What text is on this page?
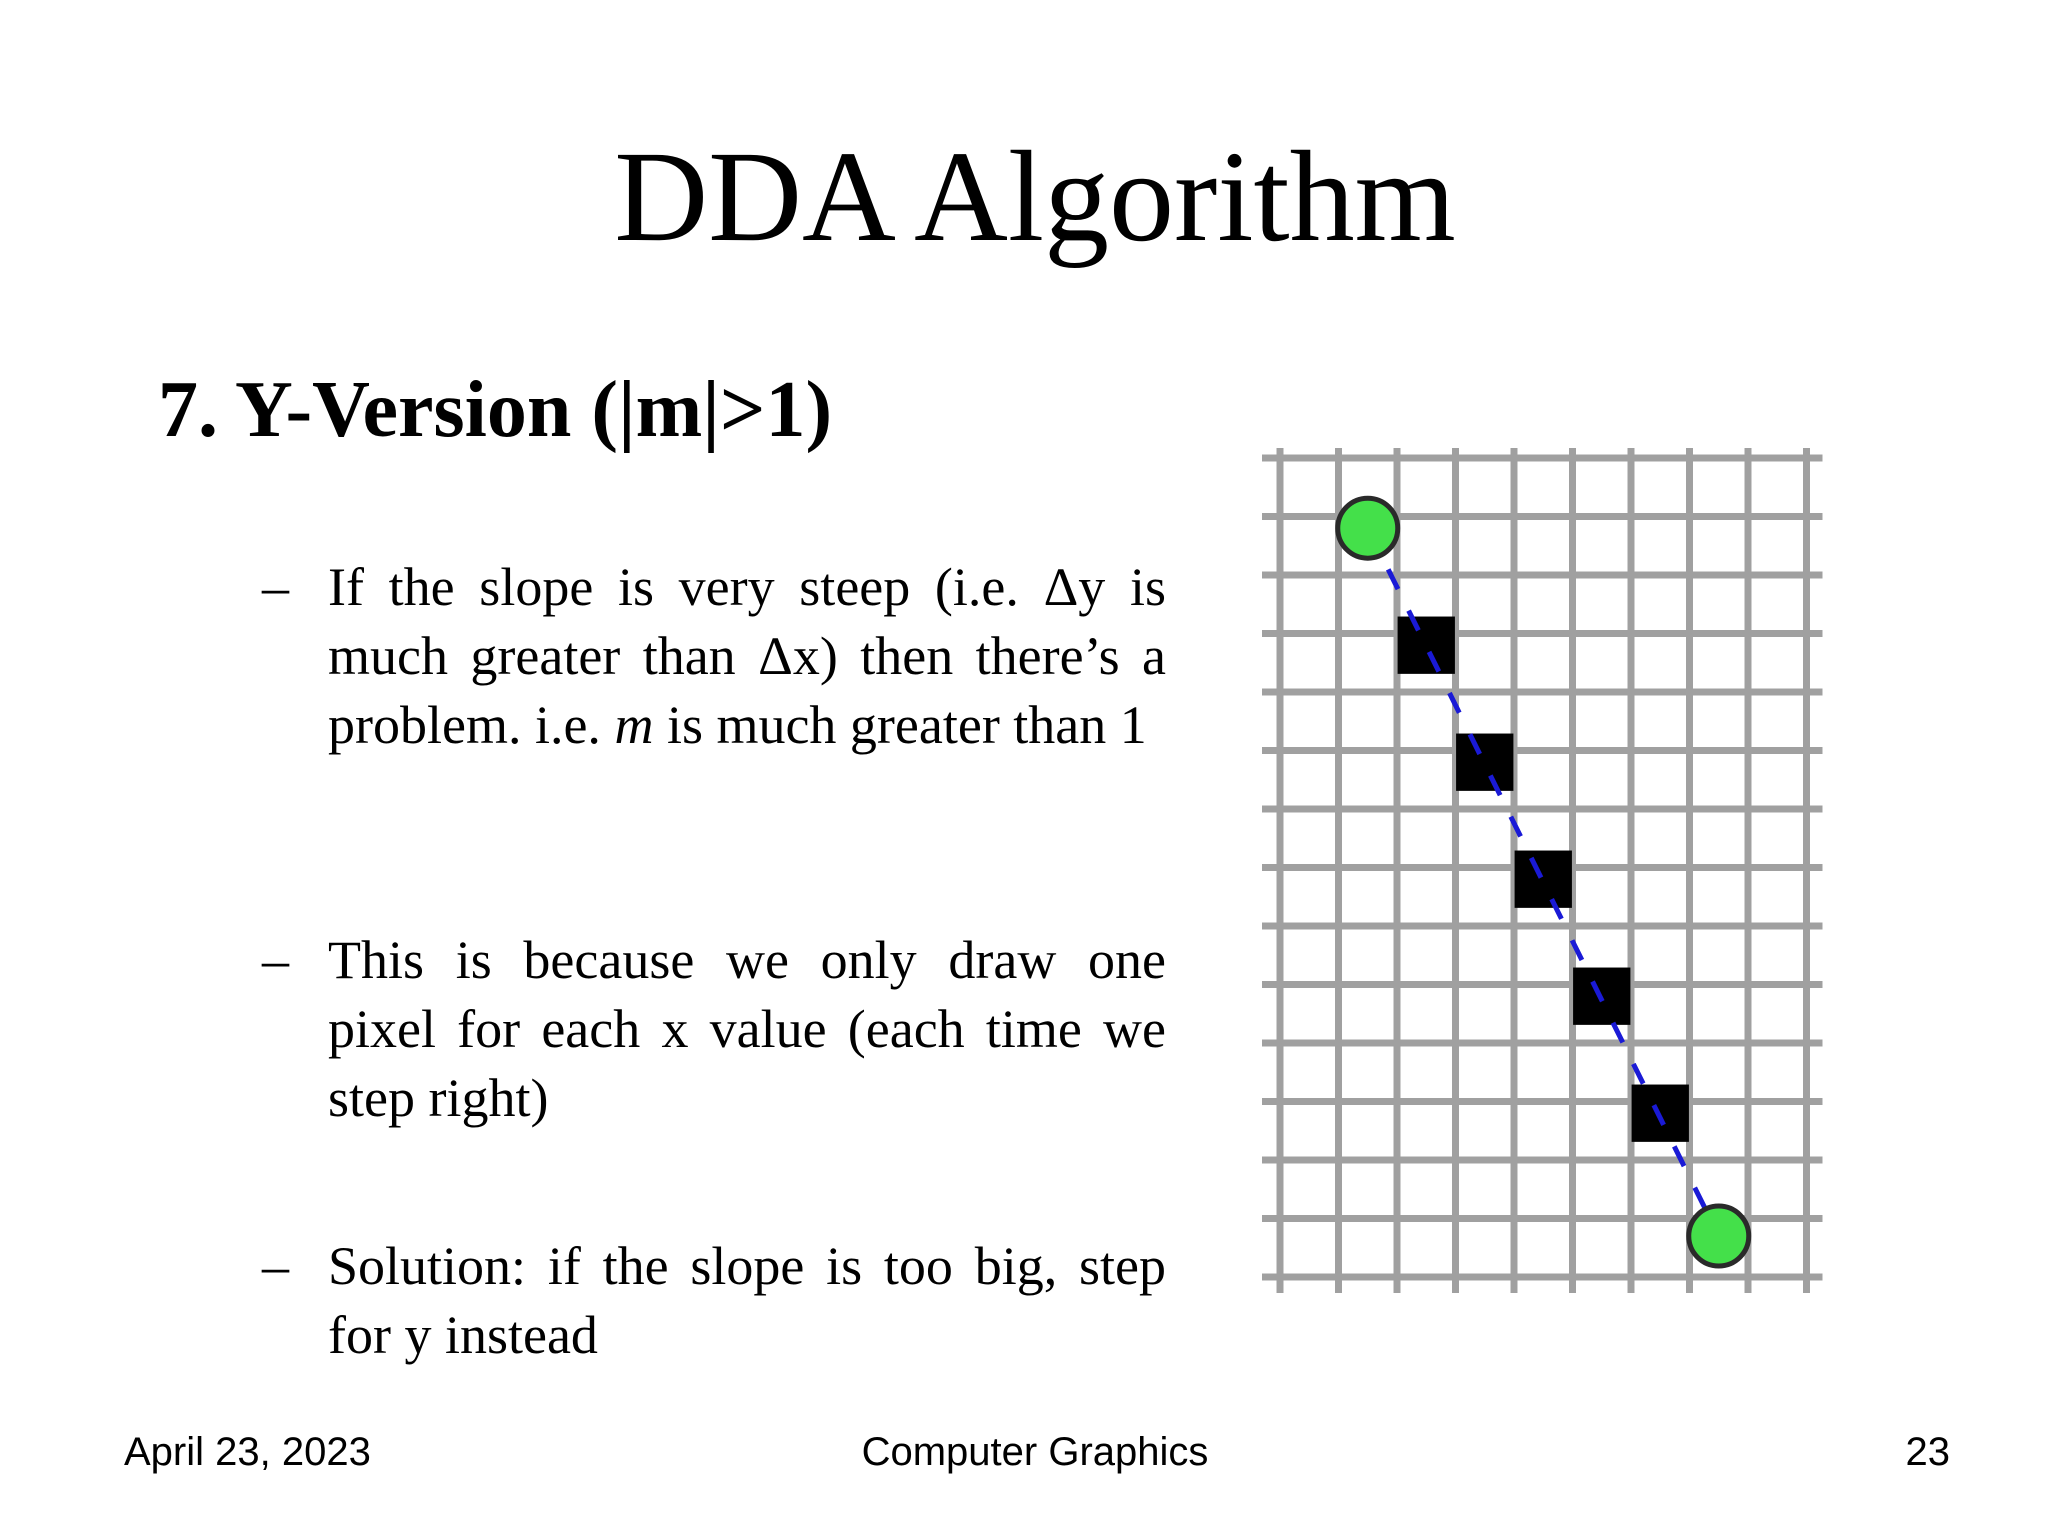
DDA Algorithm
7. Y-Version (|m|>1)
– If the slope is very steep (i.e. Δy is much greater than Δx) then there’s a problem. i.e. m is much greater than 1
– This is because we only draw one pixel for each x value (each time we step right)
– Solution: if the slope is too big, step for y instead
April 23, 2023	Computer Graphics	23
